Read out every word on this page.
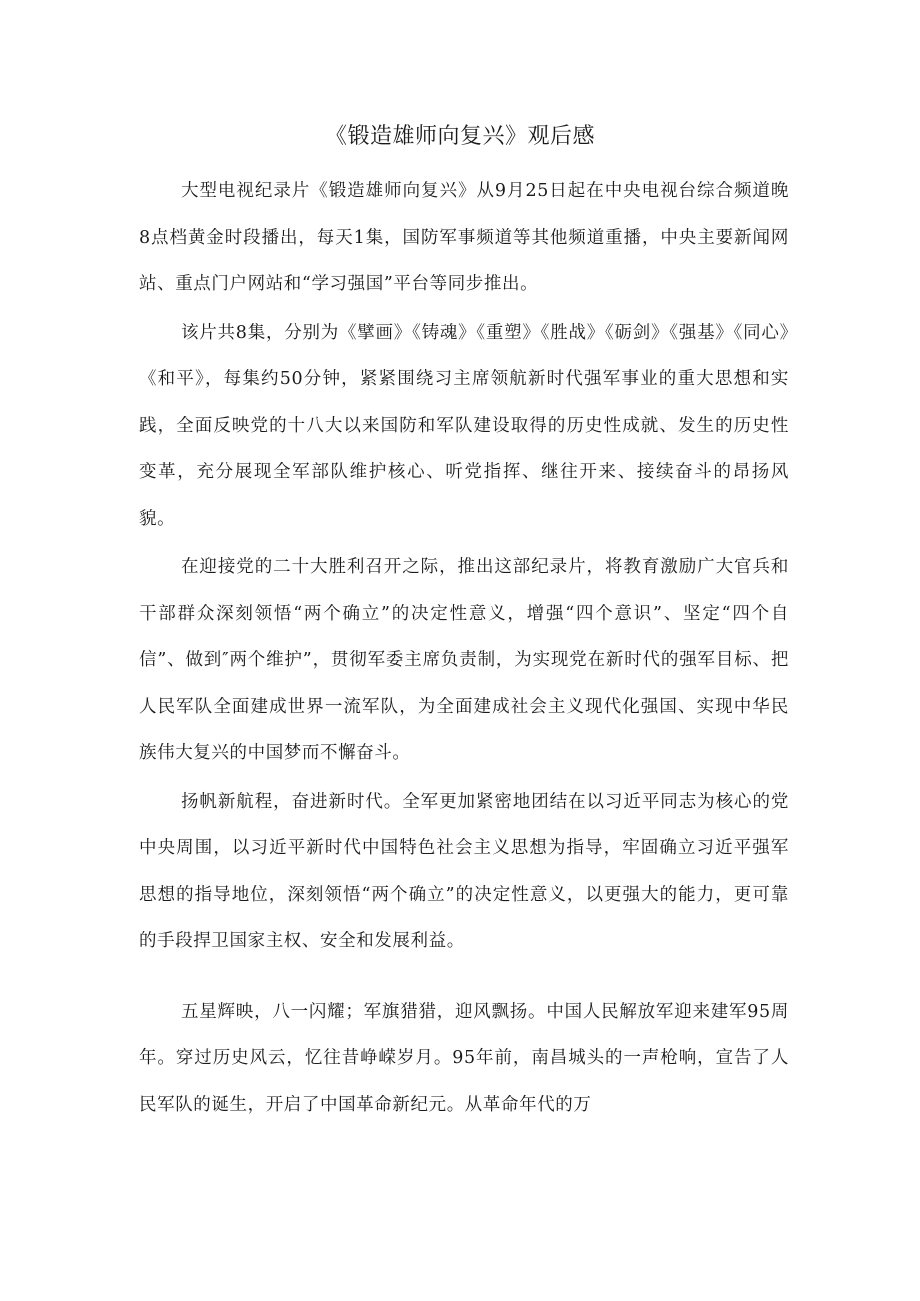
《锻造雄师向复兴》观后感

大型电视纪录片《锻造雄师向复兴》从9月25日起在中央电视台综合频道晚8点档黄金时段播出，每天1集，国防军事频道等其他频道重播，中央主要新闻网站、重点门户网站和“学习强国”平台等同步推出。

该片共8集，分别为《擘画》《铸魂》《重塑》《胜战》《砺剑》《强基》《同心》《和平》，每集约50分钟，紧紧围绕习主席领航新时代强军事业的重大思想和实践，全面反映党的十八大以来国防和军队建设取得的历史性成就、发生的历史性变革，充分展现全军部队维护核心、听党指挥、继往开来、接续奋斗的昂扬风貌。

在迎接党的二十大胜利召开之际，推出这部纪录片，将教育激励广大官兵和干部群众深刻领悟“两个确立”的决定性意义，增强“四个意识”、坚定“四个自信”、做到″两个维护”，贯彻军委主席负责制，为实现党在新时代的强军目标、把人民军队全面建成世界一流军队，为全面建成社会主义现代化强国、实现中华民族伟大复兴的中国梦而不懈奋斗。

扬帆新航程，奋进新时代。全军更加紧密地团结在以习近平同志为核心的党中央周围，以习近平新时代中国特色社会主义思想为指导，牢固确立习近平强军思想的指导地位，深刻领悟“两个确立”的决定性意义，以更强大的能力，更可靠的手段捍卫国家主权、安全和发展利益。

五星辉映，八一闪耀；军旗猎猎，迎风飘扬。中国人民解放军迎来建军95周年。穿过历史风云，忆往昔峥嵘岁月。95年前，南昌城头的一声枪响，宣告了人民军队的诞生，开启了中国革命新纪元。从革命年代的万
